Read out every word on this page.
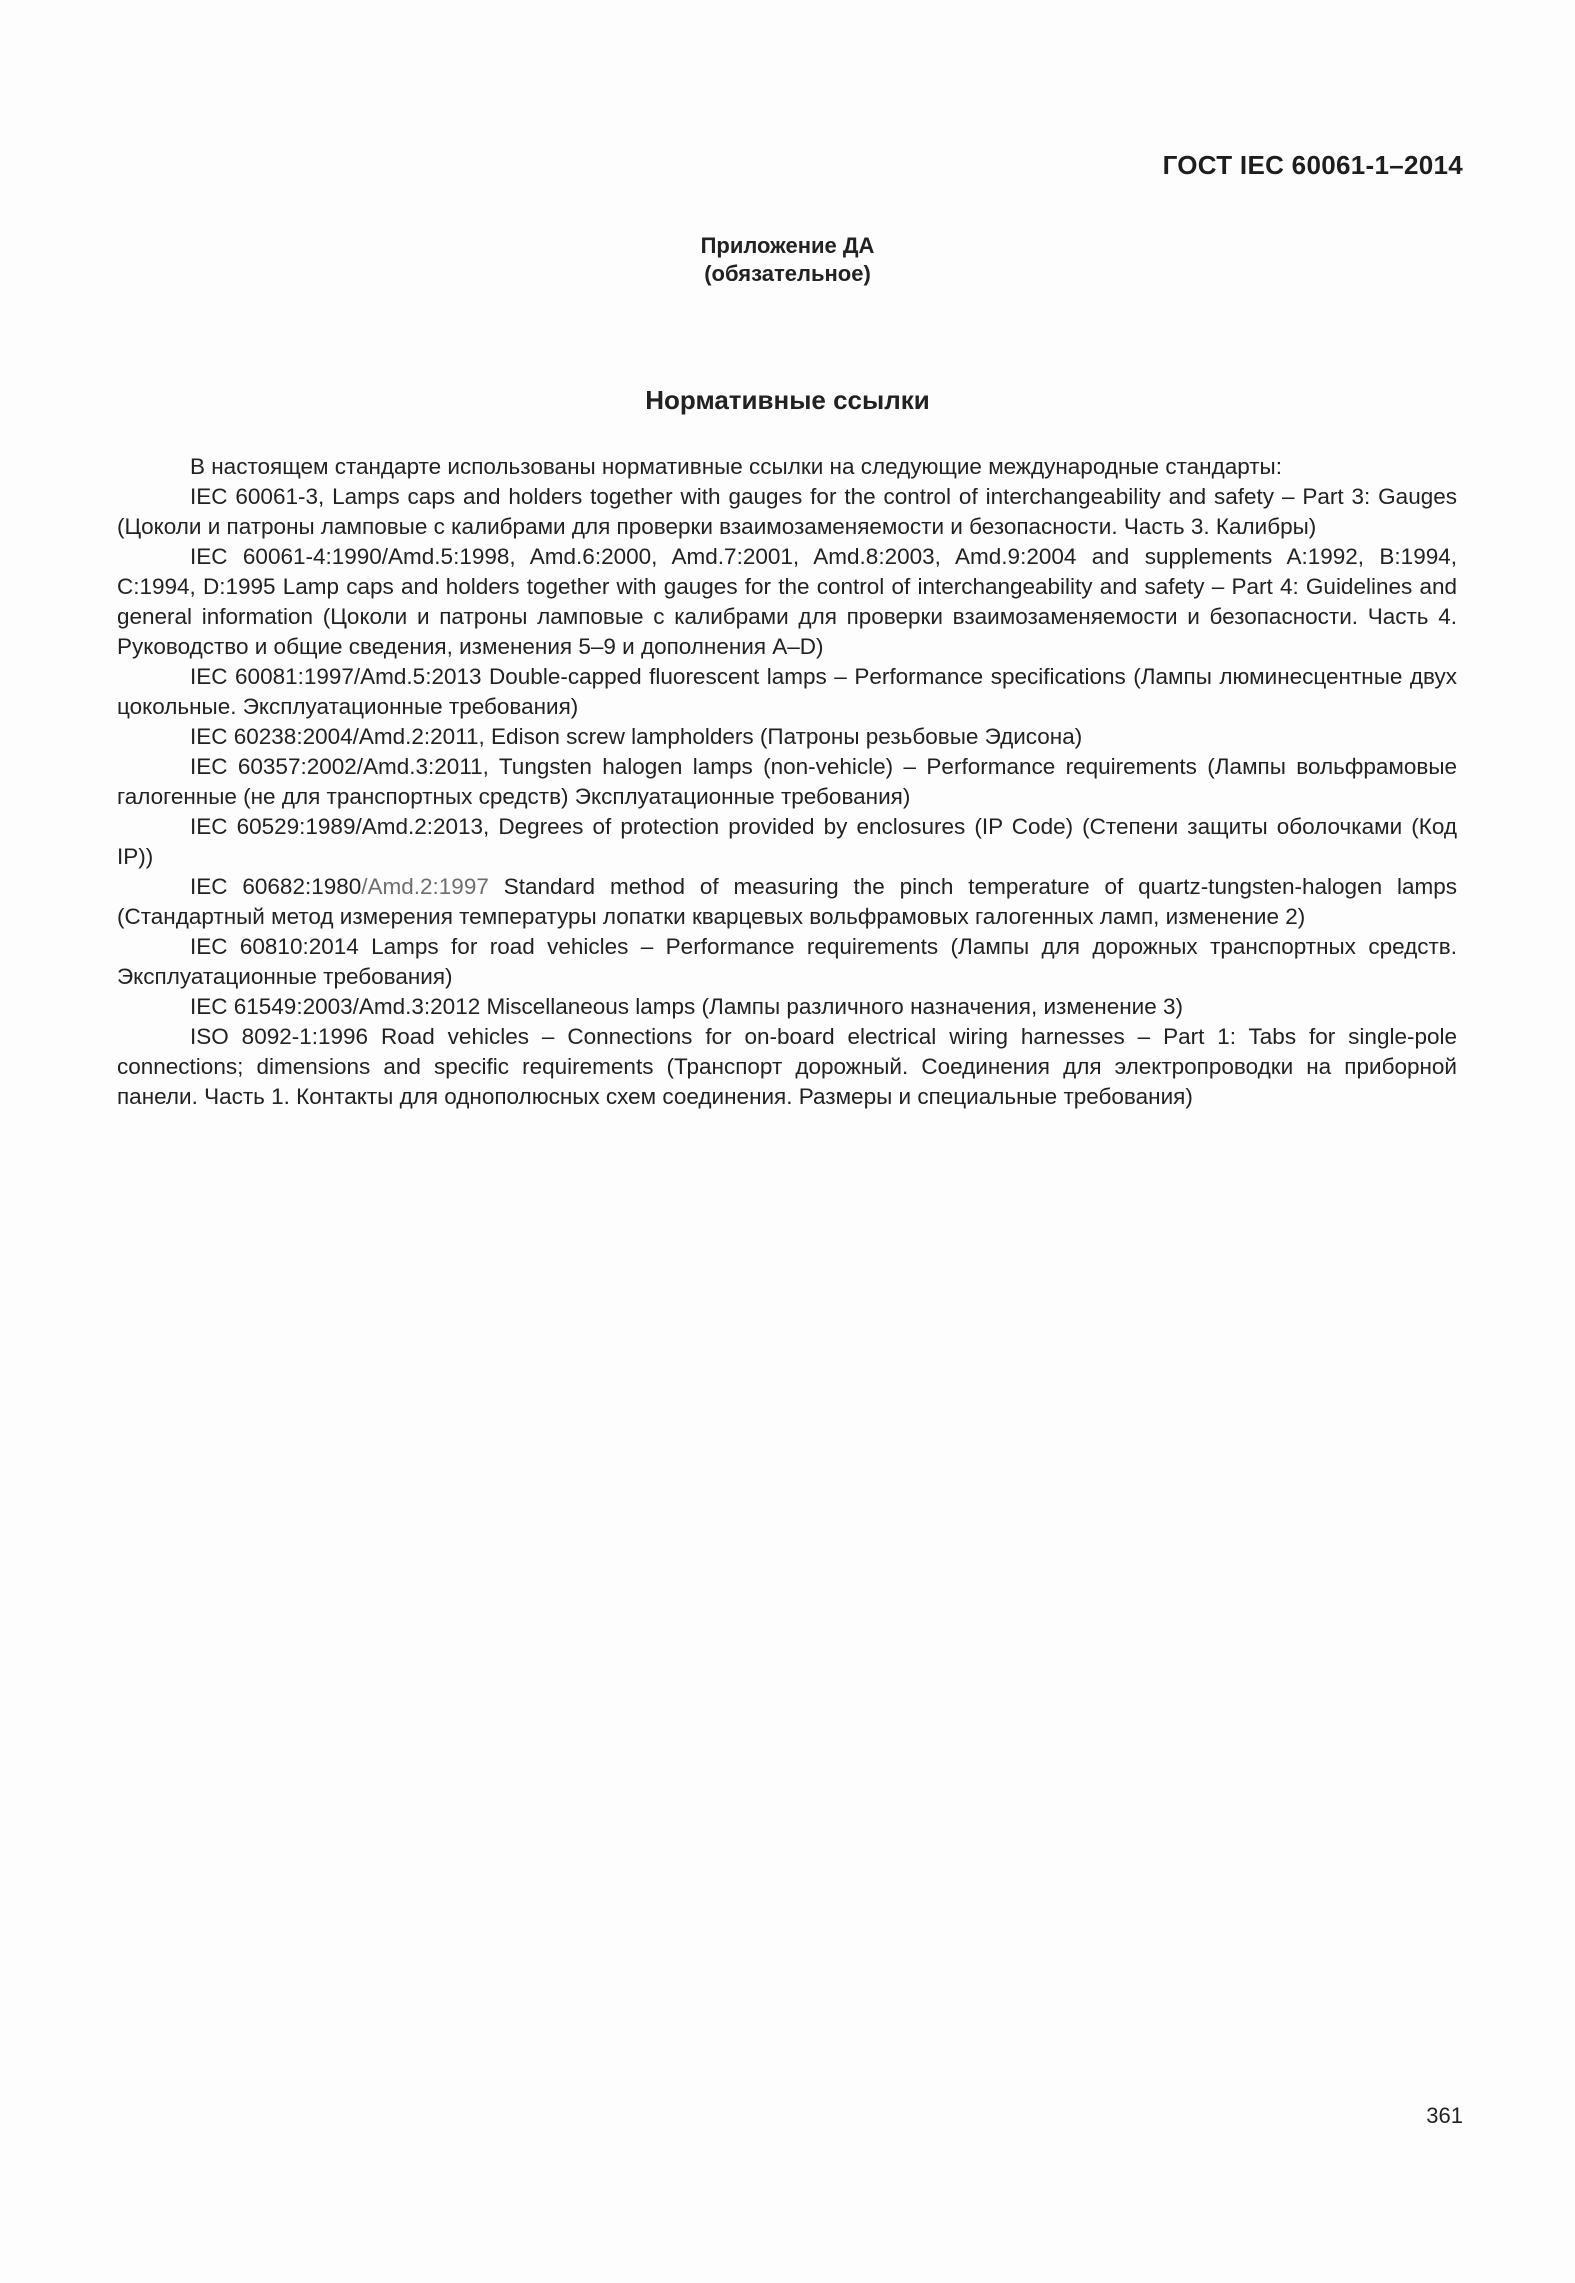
ГОСТ IEC 60061-1–2014
Приложение ДА
(обязательное)
Нормативные ссылки

В настоящем стандарте использованы нормативные ссылки на следующие международные стандарты:

IEC 60061-3, Lamps caps and holders together with gauges for the control of interchangeability and safety – Part 3: Gauges (Цоколи и патроны ламповые с калибрами для проверки взаимозаменяемости и безопасности. Часть 3. Калибры)

IEC 60061-4:1990/Amd.5:1998, Amd.6:2000, Amd.7:2001, Amd.8:2003, Amd.9:2004 and supplements A:1992, B:1994, C:1994, D:1995 Lamp caps and holders together with gauges for the control of interchangeability and safety – Part 4: Guidelines and general information (Цоколи и патроны ламповые с калибрами для проверки взаимозаменяемости и безопасности. Часть 4. Руководство и общие сведения, изменения 5–9 и дополнения A–D)

IEC 60081:1997/Amd.5:2013 Double-capped fluorescent lamps – Performance specifications (Лампы люминесцентные двух цокольные. Эксплуатационные требования)

IEC 60238:2004/Amd.2:2011, Edison screw lampholders (Патроны резьбовые Эдисона)

IEC 60357:2002/Amd.3:2011, Tungsten halogen lamps (non-vehicle) – Performance requirements (Лампы вольфрамовые галогенные (не для транспортных средств) Эксплуатационные требования)

IEC 60529:1989/Amd.2:2013, Degrees of protection provided by enclosures (IP Code) (Степени защиты оболочками (Код IP))

IEC 60682:1980/Amd.2:1997 Standard method of measuring the pinch temperature of quartz-tungsten-halogen lamps (Стандартный метод измерения температуры лопатки кварцевых вольфрамовых галогенных ламп, изменение 2)

IEC 60810:2014 Lamps for road vehicles – Performance requirements (Лампы для дорожных транспортных средств. Эксплуатационные требования)

IEC 61549:2003/Amd.3:2012 Miscellaneous lamps (Лампы различного назначения, изменение 3)

ISO 8092-1:1996 Road vehicles – Connections for on-board electrical wiring harnesses – Part 1: Tabs for single-pole connections; dimensions and specific requirements (Транспорт дорожный. Соединения для электропроводки на приборной панели. Часть 1. Контакты для однополюсных схем соединения. Размеры и специальные требования)

361
